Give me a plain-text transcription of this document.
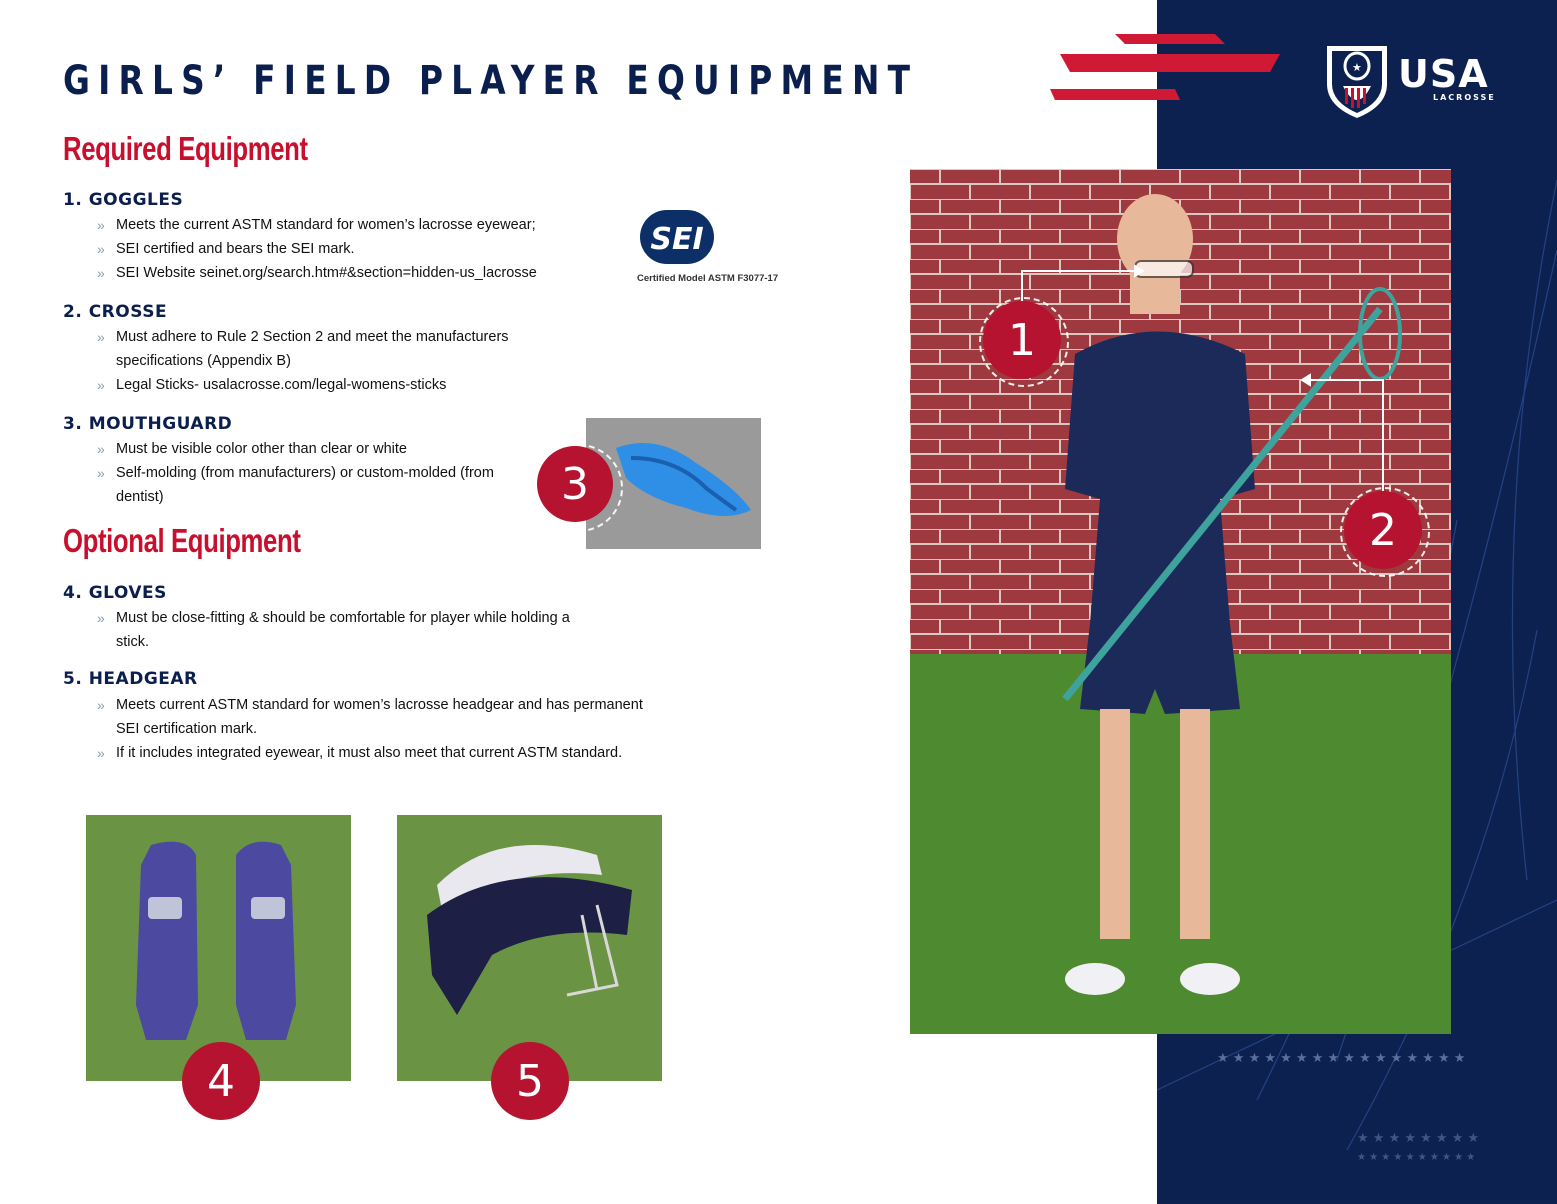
★ ★ ★ ★ ★ ★ ★ ★ ★ ★ ★ ★ ★ ★ ★ ★
★ ★ ★ ★ ★ ★ ★ ★
★ ★ ★ ★ ★ ★ ★ ★ ★ ★
★ USA
LACROSSE
GIRLS’ FIELD PLAYER EQUIPMENT
Required Equipment
1. GOGGLES
» Meets the current ASTM standard for women’s lacrosse eyewear;
» SEI certified and bears the SEI mark.
» SEI Website seinet.org/search.htm#&section=hidden-us_lacrosse
SEI
Certified Model ASTM F3077-17
2. CROSSE
» Must adhere to Rule 2 Section 2 and meet the manufacturers specifications (Appendix B)
» Legal Sticks- usalacrosse.com/legal-womens-sticks
3. MOUTHGUARD
» Must be visible color other than clear or white
» Self-molding (from manufacturers) or custom-molded (from dentist)	3
Optional Equipment
4. GLOVES
» Must be close-fitting & should be comfortable for player while holding a stick.
5. HEADGEAR
» Meets current ASTM standard for women’s lacrosse headgear and has permanent SEI certification mark.
» If it includes integrated eyewear, it must also meet that current ASTM standard.
4	5
1
2
